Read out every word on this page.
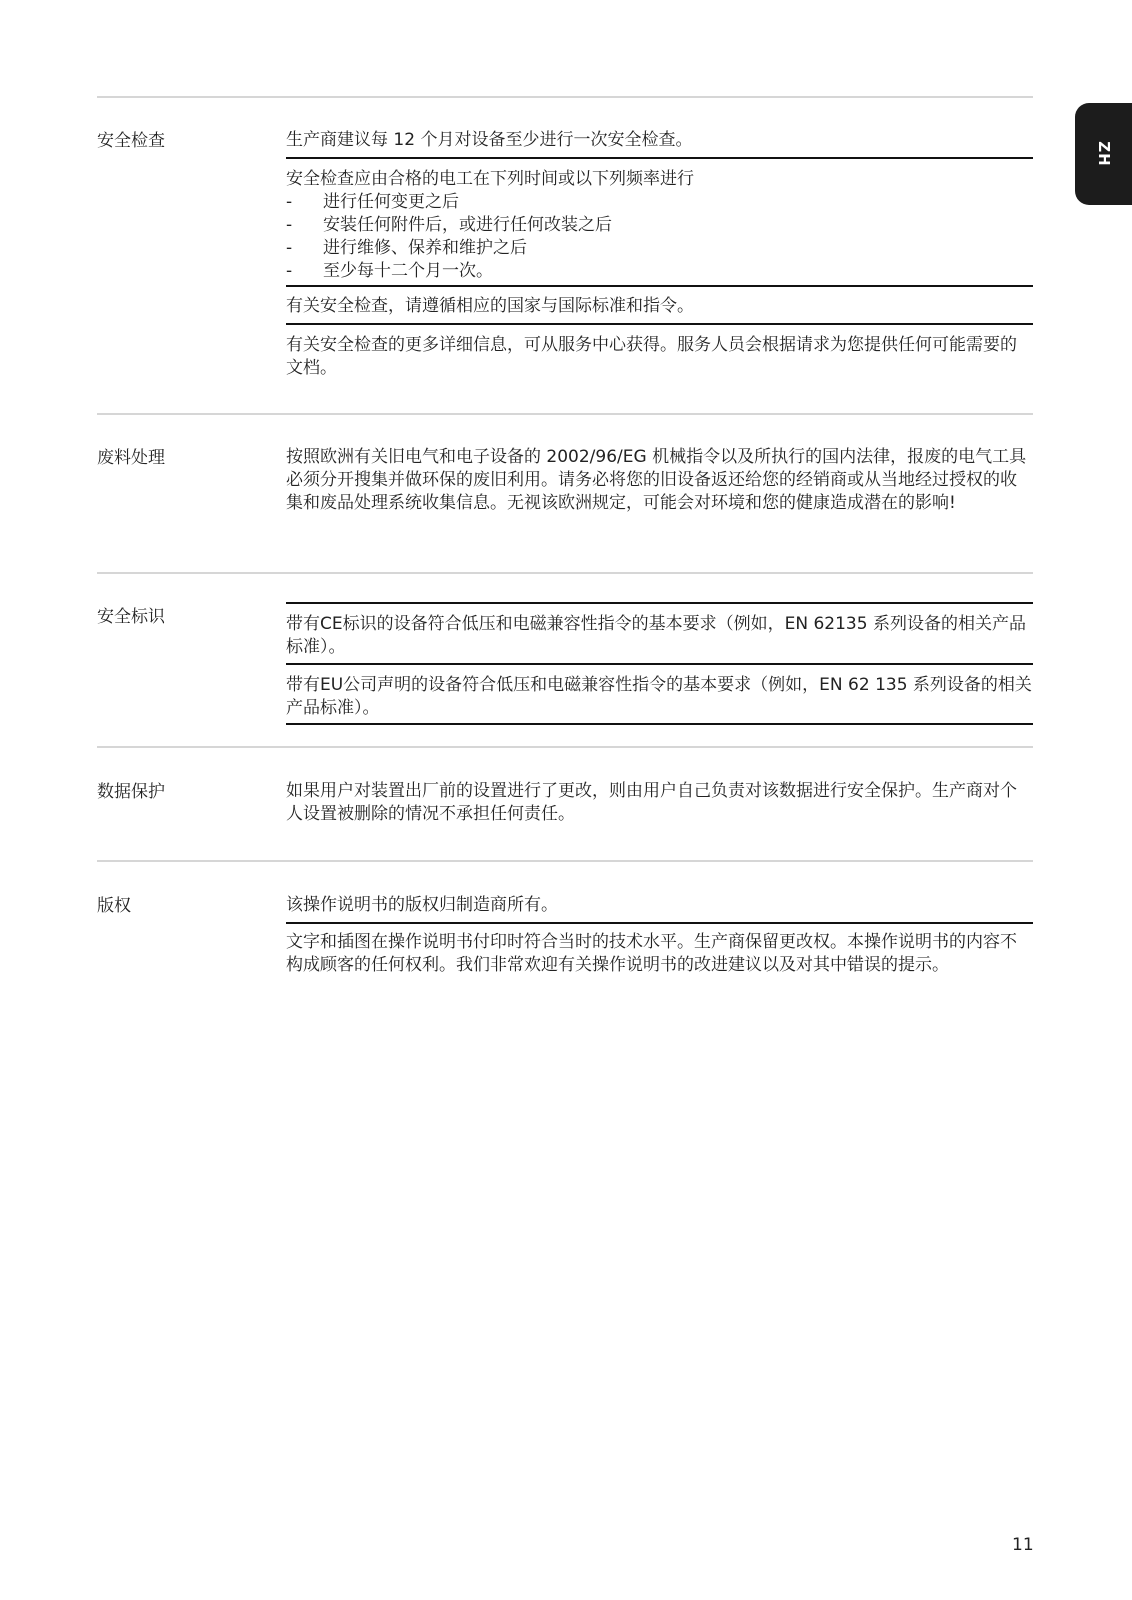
ZH
安全检查	生产商建议每 12 个月对设备至少进行一次安全检查。
安全检查应由合格的电工在下列时间或以下列频率进行
- 进行任何变更之后
- 安装任何附件后，或进行任何改装之后
- 进行维修、保养和维护之后
- 至少每十二个月一次。
有关安全检查，请遵循相应的国家与国际标准和指令。
有关安全检查的更多详细信息，可从服务中心获得。服务人员会根据请求为您提供任何可能需要的文档。
废料处理	按照欧洲有关旧电气和电子设备的 2002/96/EG 机械指令以及所执行的国内法律，报废的电气工具必须分开搜集并做环保的废旧利用。请务必将您的旧设备返还给您的经销商或从当地经过授权的收集和废品处理系统收集信息。无视该欧洲规定，可能会对环境和您的健康造成潜在的影响!
安全标识	带有CE标识的设备符合低压和电磁兼容性指令的基本要求（例如，EN 62135 系列设备的相关产品标准）。
带有EU公司声明的设备符合低压和电磁兼容性指令的基本要求（例如，EN 62 135 系列设备的相关产品标准）。
数据保护	如果用户对装置出厂前的设置进行了更改，则由用户自己负责对该数据进行安全保护。生产商对个人设置被删除的情况不承担任何责任。
版权	该操作说明书的版权归制造商所有。
文字和插图在操作说明书付印时符合当时的技术水平。生产商保留更改权。本操作说明书的内容不构成顾客的任何权利。我们非常欢迎有关操作说明书的改进建议以及对其中错误的提示。
11
